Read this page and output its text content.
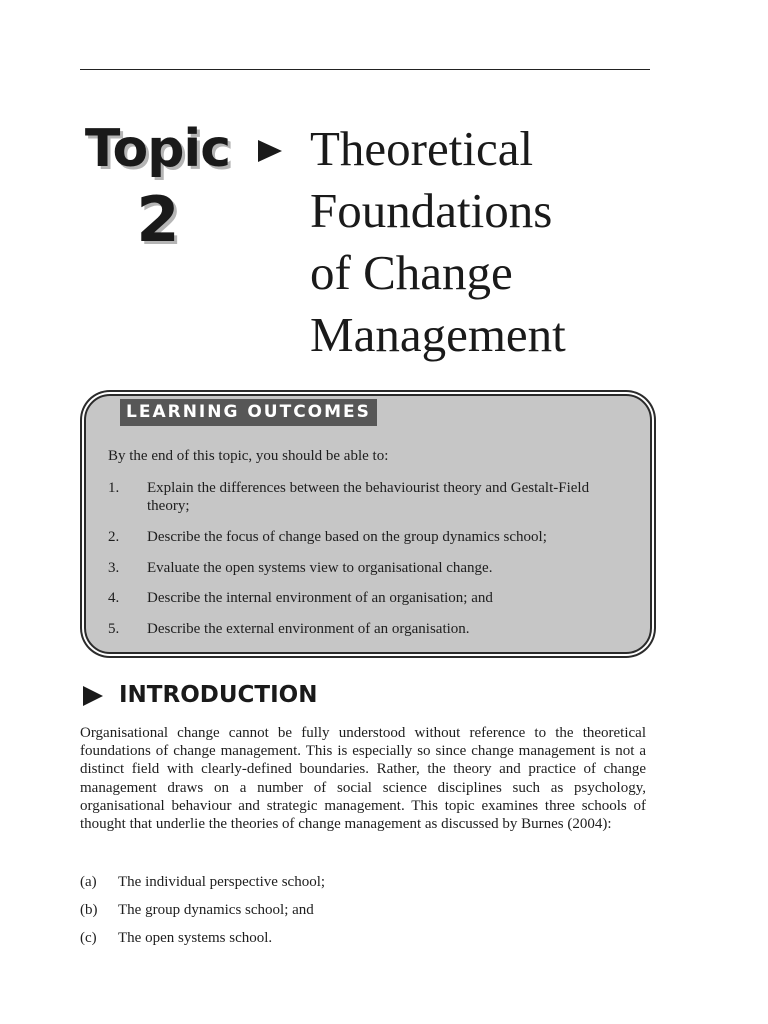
Topic
2
Theoretical
Foundations
of Change
Management
LEARNING OUTCOMES
By the end of this topic, you should be able to:
1. Explain the differences between the behaviourist theory and Gestalt-Field theory;
2. Describe the focus of change based on the group dynamics school;
3. Evaluate the open systems view to organisational change.
4. Describe the internal environment of an organisation; and
5. Describe the external environment of an organisation.
INTRODUCTION

Organisational change cannot be fully understood without reference to the theoretical foundations of change management. This is especially so since change management is not a distinct field with clearly-defined boundaries. Rather, the theory and practice of change management draws on a number of social science disciplines such as psychology, organisational behaviour and strategic management. This topic examines three schools of thought that underlie the theories of change management as discussed by Burnes (2004):

(a) The individual perspective school;
(b) The group dynamics school; and
(c) The open systems school.
